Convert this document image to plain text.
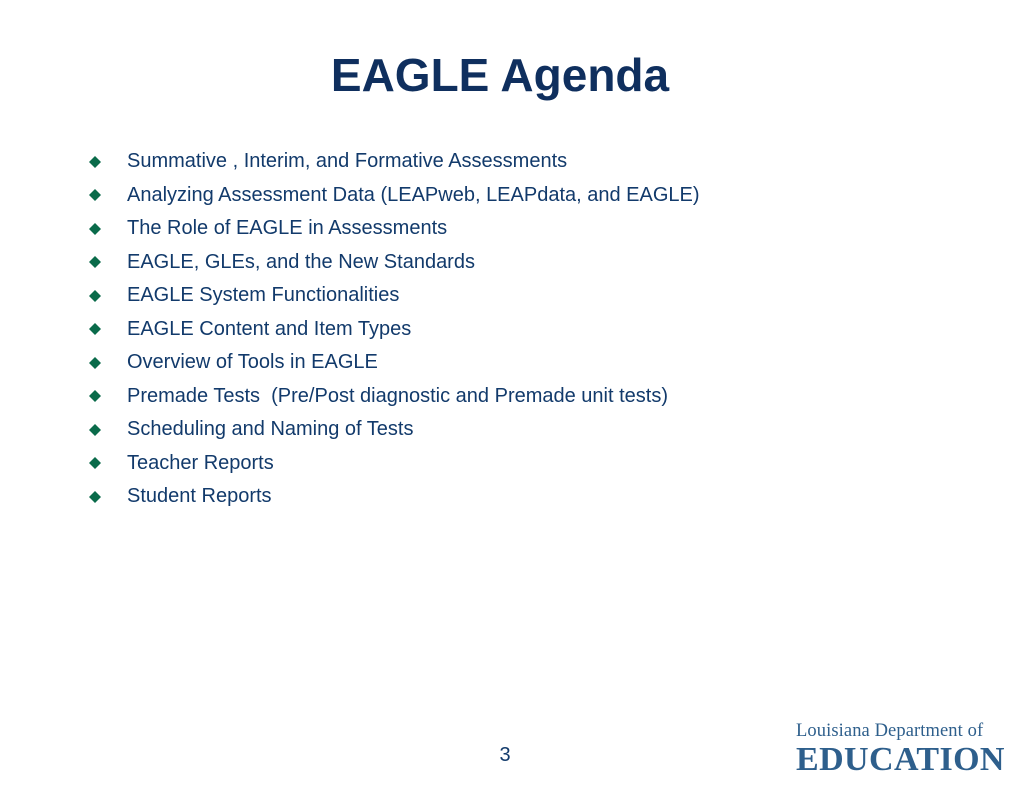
EAGLE Agenda
Summative , Interim, and Formative Assessments
Analyzing Assessment Data (LEAPweb, LEAPdata, and EAGLE)
The Role of EAGLE in Assessments
EAGLE, GLEs, and the New Standards
EAGLE System Functionalities
EAGLE Content and Item Types
Overview of Tools in EAGLE
Premade Tests  (Pre/Post diagnostic and Premade unit tests)
Scheduling and Naming of Tests
Teacher Reports
Student Reports
3
Louisiana Department of
EDUCATION
